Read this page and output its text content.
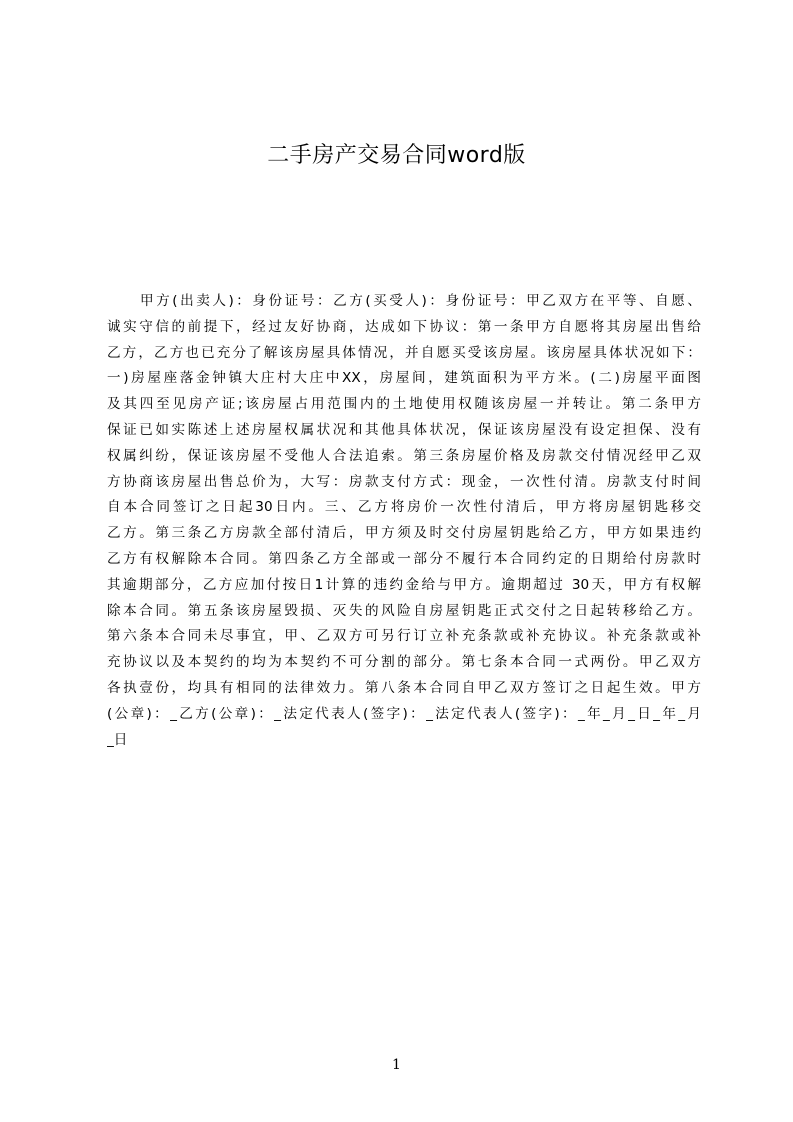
二手房产交易合同word版
甲方(出卖人)：身份证号：乙方(买受人)：身份证号：甲乙双方在平等、自愿、
诚实守信的前提下，经过友好协商，达成如下协议：第一条甲方自愿将其房屋出售给
乙方，乙方也已充分了解该房屋具体情况，并自愿买受该房屋。该房屋具体状况如下：
一)房屋座落金钟镇大庄村大庄中XX，房屋间，建筑面积为平方米。(二)房屋平面图
及其四至见房产证;该房屋占用范围内的土地使用权随该房屋一并转让。第二条甲方
保证已如实陈述上述房屋权属状况和其他具体状况，保证该房屋没有设定担保、没有
权属纠纷，保证该房屋不受他人合法追索。第三条房屋价格及房款交付情况经甲乙双
方协商该房屋出售总价为，大写：房款支付方式：现金，一次性付清。房款支付时间
自本合同签订之日起30日内。三、乙方将房价一次性付清后，甲方将房屋钥匙移交
乙方。第三条乙方房款全部付清后，甲方须及时交付房屋钥匙给乙方，甲方如果违约
乙方有权解除本合同。第四条乙方全部或一部分不履行本合同约定的日期给付房款时
其逾期部分，乙方应加付按日1计算的违约金给与甲方。逾期超过 30天，甲方有权解
除本合同。第五条该房屋毁损、灭失的风险自房屋钥匙正式交付之日起转移给乙方。
第六条本合同未尽事宜，甲、乙双方可另行订立补充条款或补充协议。补充条款或补
充协议以及本契约的均为本契约不可分割的部分。第七条本合同一式两份。甲乙双方
各执壹份，均具有相同的法律效力。第八条本合同自甲乙双方签订之日起生效。甲方
(公章)：_乙方(公章)：_法定代表人(签字)：_法定代表人(签字)：_年_月_日_年_月
_日
1
